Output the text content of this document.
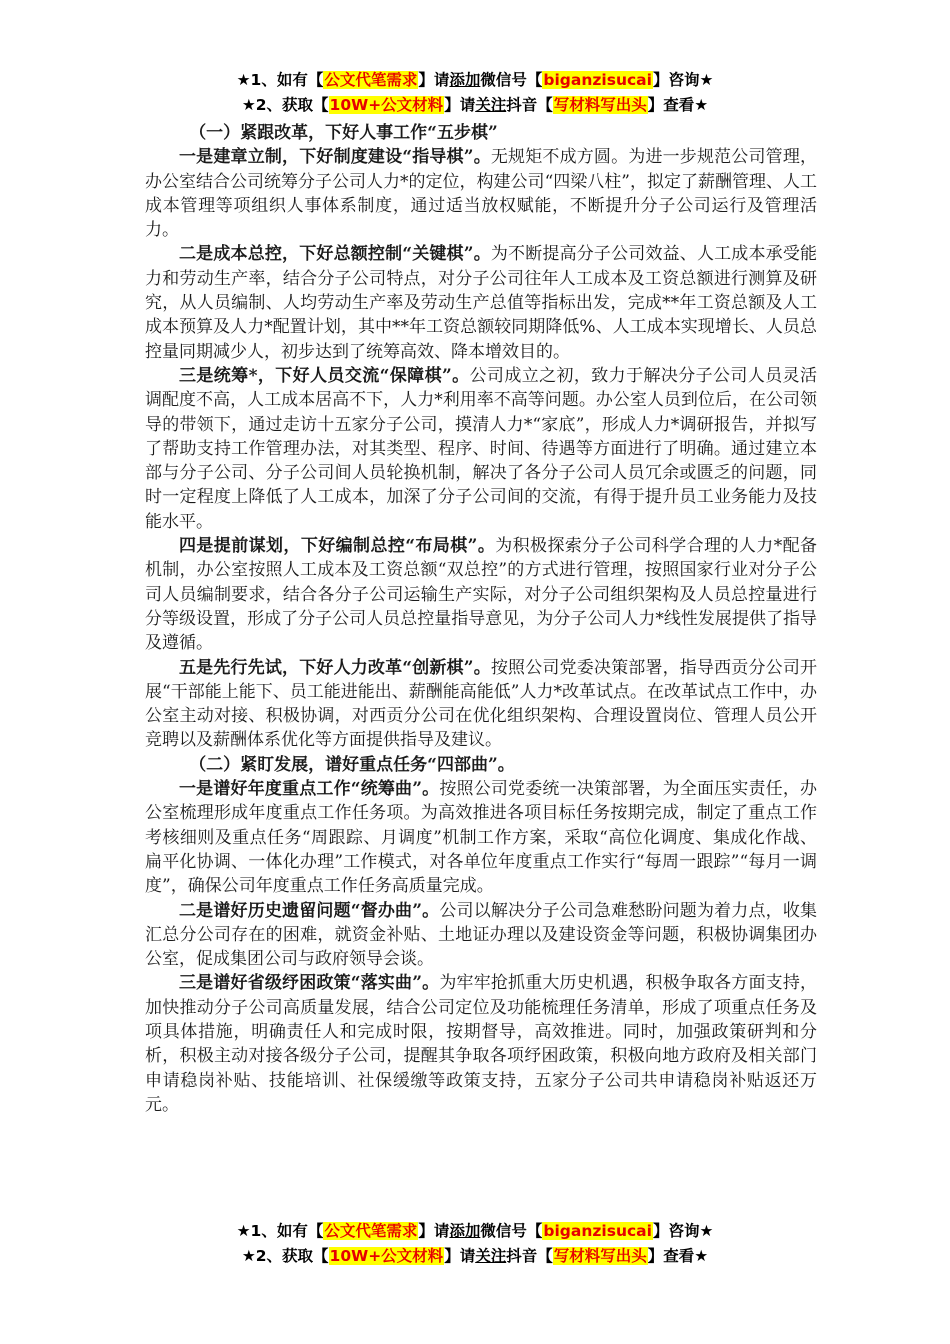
★1、如有【公文代笔需求】请添加微信号【biganzisucai】咨询★
★2、获取【10W+公文材料】请关注抖音【写材料写出头】查看★

（一）紧跟改革，下好人事工作“五步棋”

一是建章立制，下好制度建设“指导棋”。无规矩不成方圆。为进一步规范公司管理，办公室结合公司统筹分子公司人力*的定位，构建公司“四梁八柱”，拟定了薪酬管理、人工成本管理等项组织人事体系制度，通过适当放权赋能，不断提升分子公司运行及管理活力。

二是成本总控，下好总额控制“关键棋”。为不断提高分子公司效益、人工成本承受能力和劳动生产率，结合分子公司特点，对分子公司往年人工成本及工资总额进行测算及研究，从人员编制、人均劳动生产率及劳动生产总值等指标出发，完成**年工资总额及人工成本预算及人力*配置计划，其中**年工资总额较同期降低%、人工成本实现增长、人员总控量同期减少人，初步达到了统筹高效、降本增效目的。

三是统筹*，下好人员交流“保障棋”。公司成立之初，致力于解决分子公司人员灵活调配度不高，人工成本居高不下，人力*利用率不高等问题。办公室人员到位后，在公司领导的带领下，通过走访十五家分子公司，摸清人力*“家底”，形成人力*调研报告，并拟写了帮助支持工作管理办法，对其类型、程序、时间、待遇等方面进行了明确。通过建立本部与分子公司、分子公司间人员轮换机制，解决了各分子公司人员冗余或匮乏的问题，同时一定程度上降低了人工成本，加深了分子公司间的交流，有得于提升员工业务能力及技能水平。

四是提前谋划，下好编制总控“布局棋”。为积极探索分子公司科学合理的人力*配备机制，办公室按照人工成本及工资总额“双总控”的方式进行管理，按照国家行业对分子公司人员编制要求，结合各分子公司运输生产实际，对分子公司组织架构及人员总控量进行分等级设置，形成了分子公司人员总控量指导意见，为分子公司人力*线性发展提供了指导及遵循。

五是先行先试，下好人力改革“创新棋”。按照公司党委决策部署，指导西贡分公司开展“干部能上能下、员工能进能出、薪酬能高能低”人力*改革试点。在改革试点工作中，办公室主动对接、积极协调，对西贡分公司在优化组织架构、合理设置岗位、管理人员公开竞聘以及薪酬体系优化等方面提供指导及建议。

（二）紧盯发展，谱好重点任务“四部曲”。

一是谱好年度重点工作“统筹曲”。按照公司党委统一决策部署，为全面压实责任，办公室梳理形成年度重点工作任务项。为高效推进各项目标任务按期完成，制定了重点工作考核细则及重点任务“周跟踪、月调度”机制工作方案，采取“高位化调度、集成化作战、扁平化协调、一体化办理”工作模式，对各单位年度重点工作实行“每周一跟踪”“每月一调度”，确保公司年度重点工作任务高质量完成。

二是谱好历史遗留问题“督办曲”。公司以解决分子公司急难愁盼问题为着力点，收集汇总分公司存在的困难，就资金补贴、土地证办理以及建设资金等问题，积极协调集团办公室，促成集团公司与政府领导会谈。

三是谱好省级纾困政策“落实曲”。为牢牢抢抓重大历史机遇，积极争取各方面支持，加快推动分子公司高质量发展，结合公司定位及功能梳理任务清单，形成了项重点任务及项具体措施，明确责任人和完成时限，按期督导，高效推进。同时，加强政策研判和分析，积极主动对接各级分子公司，提醒其争取各项纾困政策，积极向地方政府及相关部门申请稳岗补贴、技能培训、社保缓缴等政策支持，五家分子公司共申请稳岗补贴返还万元。

★1、如有【公文代笔需求】请添加微信号【biganzisucai】咨询★
★2、获取【10W+公文材料】请关注抖音【写材料写出头】查看★
